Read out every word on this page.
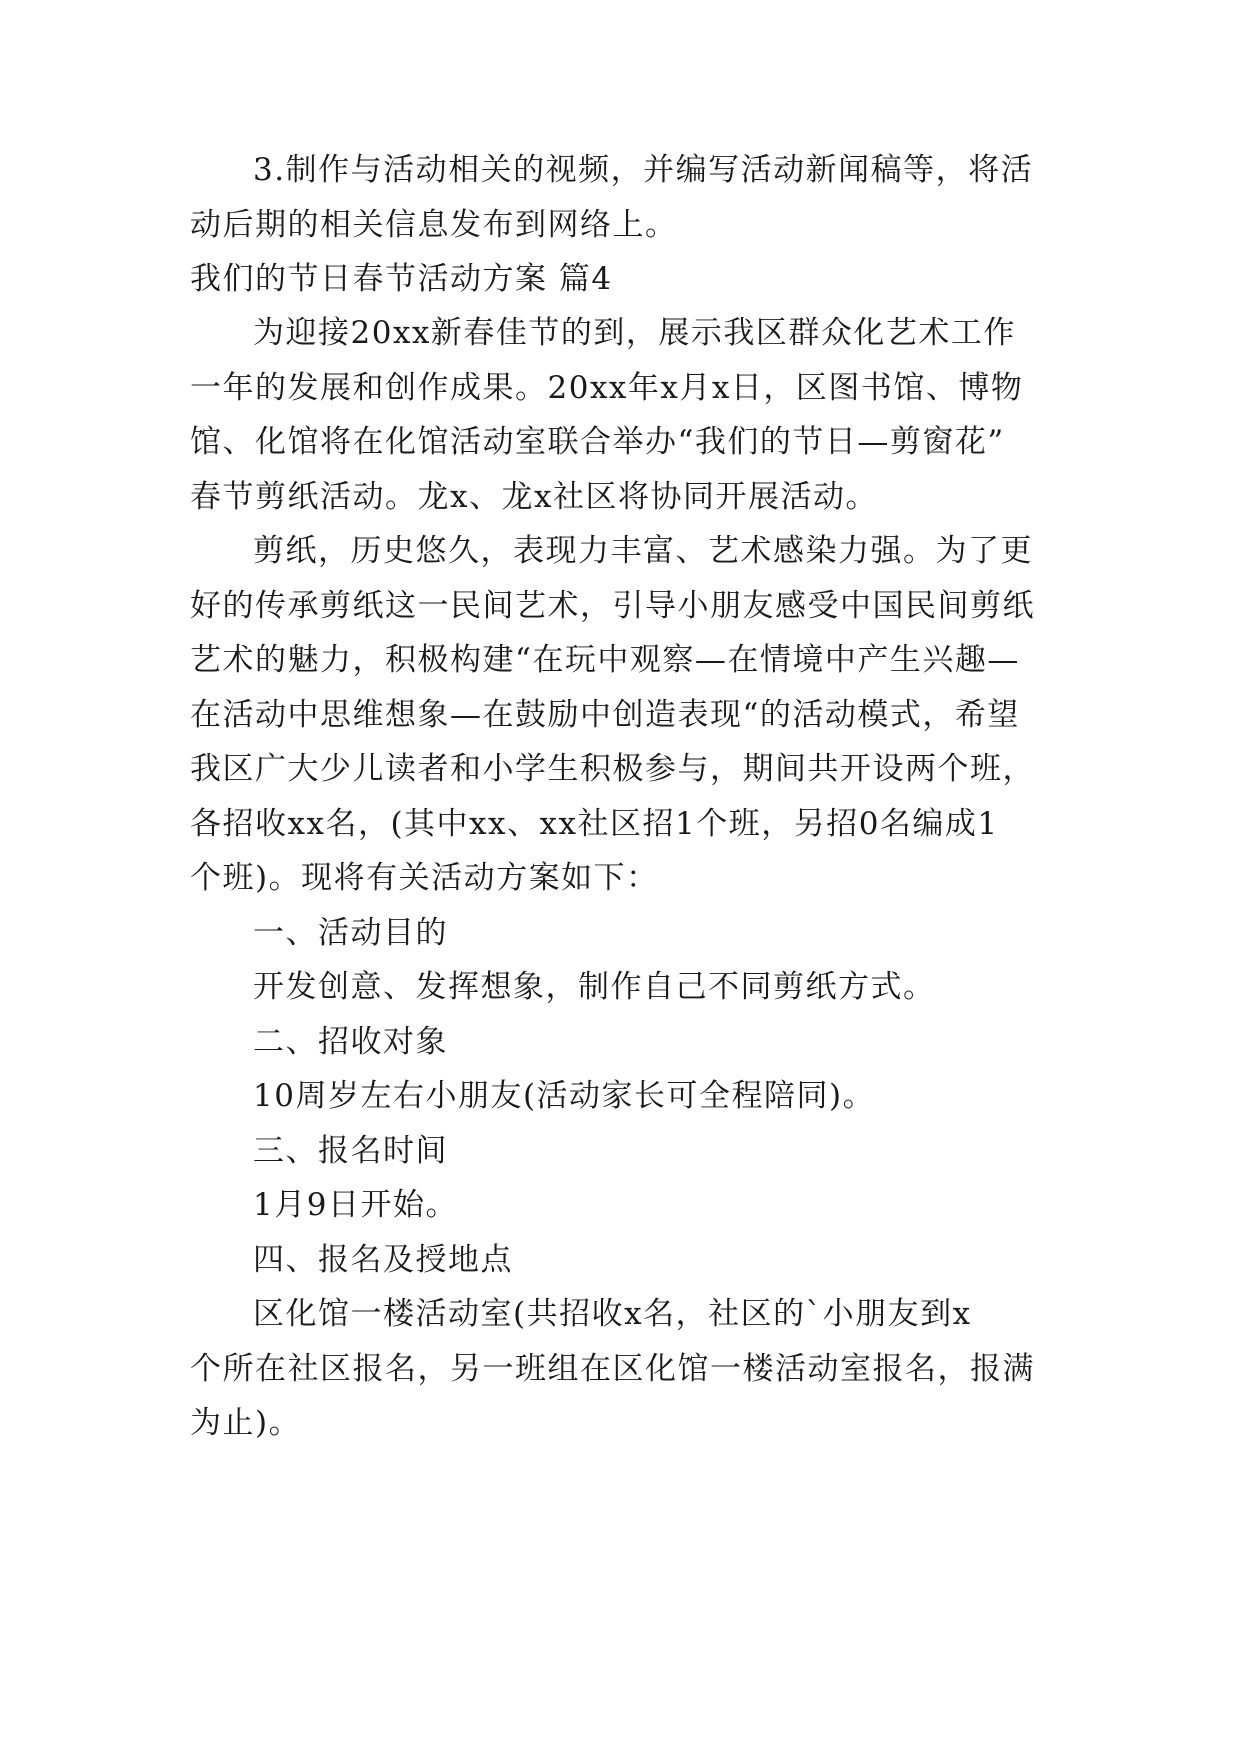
3.制作与活动相关的视频，并编写活动新闻稿等，将活
动后期的相关信息发布到网络上。
我们的节日春节活动方案 篇4
为迎接20xx新春佳节的到，展示我区群众化艺术工作
一年的发展和创作成果。20xx年x月x日，区图书馆、博物
馆、化馆将在化馆活动室联合举办“我们的节日—剪窗花”
春节剪纸活动。龙x、龙x社区将协同开展活动。
剪纸，历史悠久，表现力丰富、艺术感染力强。为了更
好的传承剪纸这一民间艺术，引导小朋友感受中国民间剪纸
艺术的魅力，积极构建“在玩中观察—在情境中产生兴趣—
在活动中思维想象—在鼓励中创造表现“的活动模式，希望
我区广大少儿读者和小学生积极参与，期间共开设两个班，
各招收xx名，(其中xx、xx社区招1个班，另招0名编成1
个班)。现将有关活动方案如下：
一、活动目的
开发创意、发挥想象，制作自己不同剪纸方式。
二、招收对象
10周岁左右小朋友(活动家长可全程陪同)。
三、报名时间
1月9日开始。
四、报名及授地点
区化馆一楼活动室(共招收x名，社区的`小朋友到x
个所在社区报名，另一班组在区化馆一楼活动室报名，报满
为止)。
